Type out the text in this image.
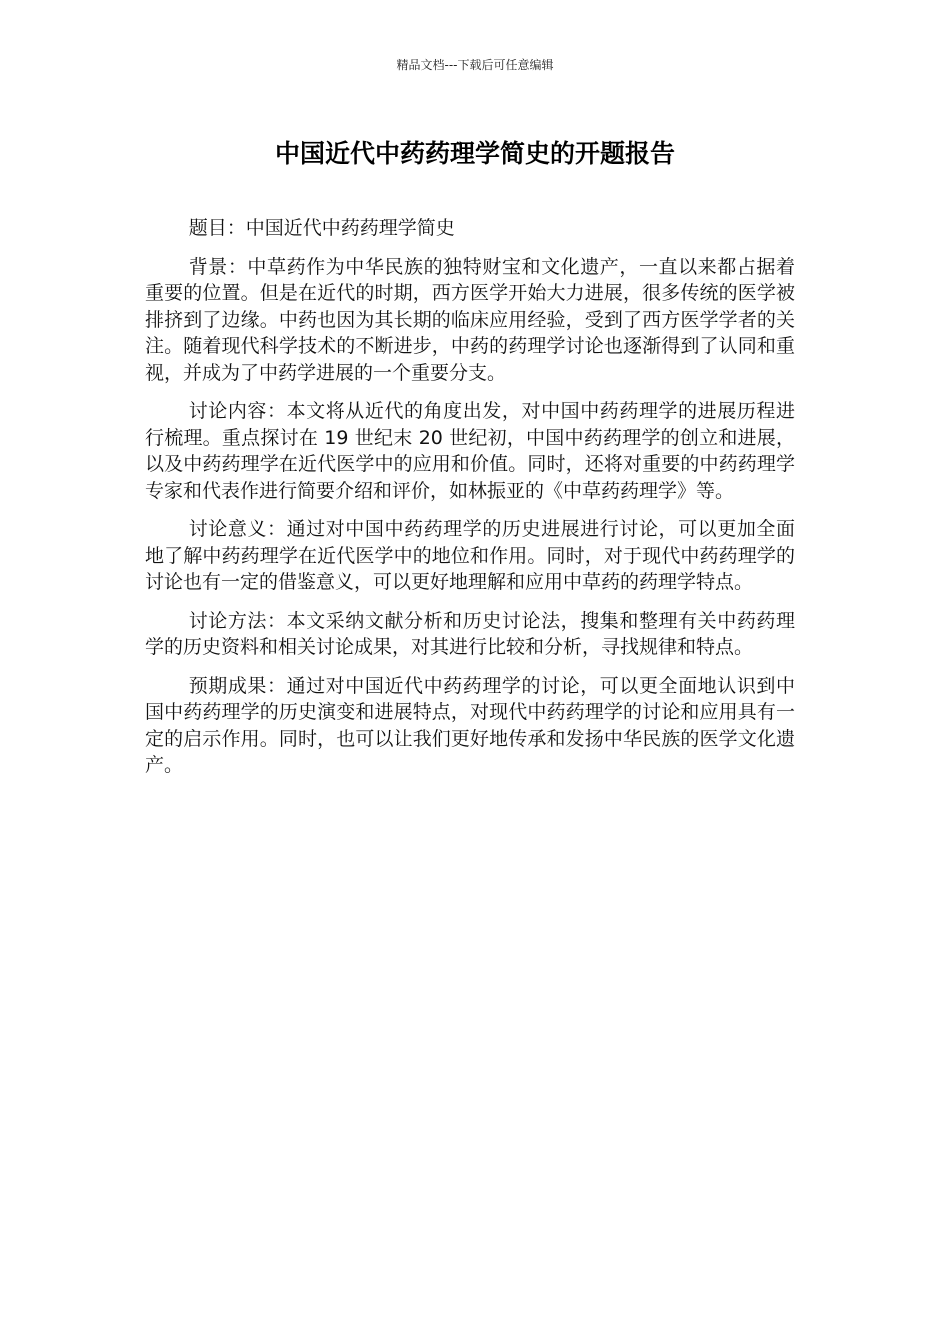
精品文档---下载后可任意编辑
中国近代中药药理学简史的开题报告

题目：中国近代中药药理学简史

背景：中草药作为中华民族的独特财宝和文化遗产，一直以来都占据着重要的位置。但是在近代的时期，西方医学开始大力进展，很多传统的医学被排挤到了边缘。中药也因为其长期的临床应用经验，受到了西方医学学者的关注。随着现代科学技术的不断进步，中药的药理学讨论也逐渐得到了认同和重视，并成为了中药学进展的一个重要分支。

讨论内容：本文将从近代的角度出发，对中国中药药理学的进展历程进行梳理。重点探讨在 19 世纪末 20 世纪初，中国中药药理学的创立和进展，以及中药药理学在近代医学中的应用和价值。同时，还将对重要的中药药理学专家和代表作进行简要介绍和评价，如林振亚的《中草药药理学》等。

讨论意义：通过对中国中药药理学的历史进展进行讨论，可以更加全面地了解中药药理学在近代医学中的地位和作用。同时，对于现代中药药理学的讨论也有一定的借鉴意义，可以更好地理解和应用中草药的药理学特点。

讨论方法：本文采纳文献分析和历史讨论法，搜集和整理有关中药药理学的历史资料和相关讨论成果，对其进行比较和分析，寻找规律和特点。

预期成果：通过对中国近代中药药理学的讨论，可以更全面地认识到中国中药药理学的历史演变和进展特点，对现代中药药理学的讨论和应用具有一定的启示作用。同时，也可以让我们更好地传承和发扬中华民族的医学文化遗产。
